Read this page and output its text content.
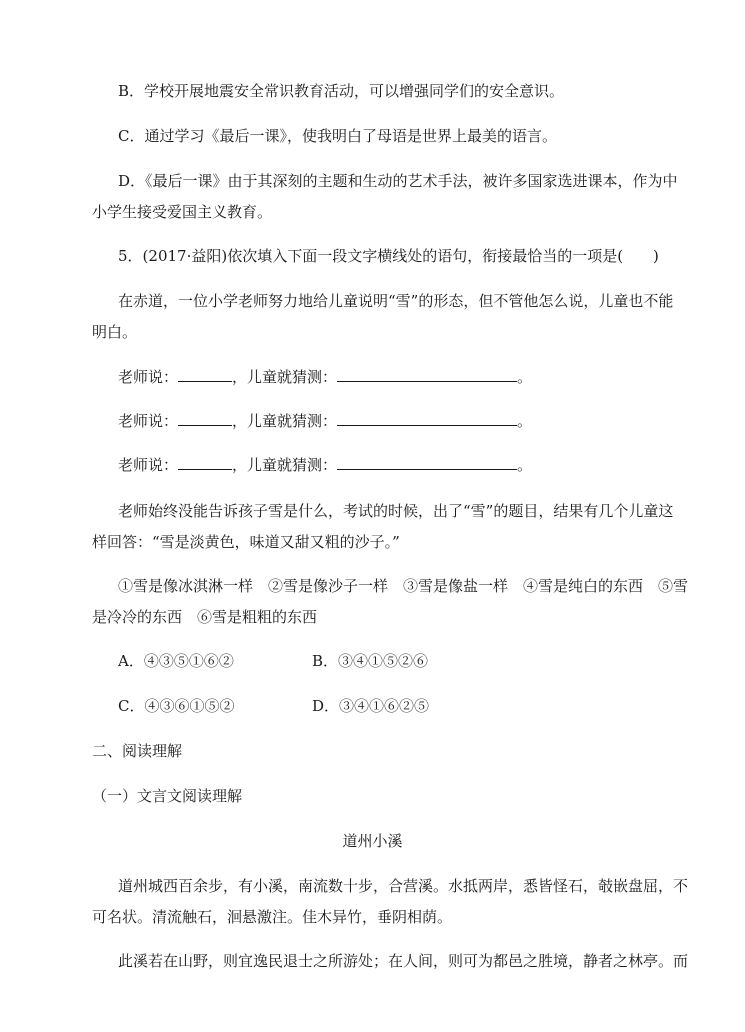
B．学校开展地震安全常识教育活动，可以增强同学们的安全意识。
C．通过学习《最后一课》，使我明白了母语是世界上最美的语言。
D．《最后一课》由于其深刻的主题和生动的艺术手法，被许多国家选进课本，作为中
小学生接受爱国主义教育。
5．(2017·益阳)依次填入下面一段文字横线处的语句，衔接最恰当的一项是(　　)
在赤道，一位小学老师努力地给儿童说明“雪”的形态，但不管他怎么说，儿童也不能
明白。
老师说：	，儿童就猜测：	。
老师说：	，儿童就猜测：	。
老师说：	，儿童就猜测：	。
老师始终没能告诉孩子雪是什么，考试的时候，出了“雪”的题目，结果有几个儿童这
样回答：“雪是淡黄色，味道又甜又粗的沙子。”
①雪是像冰淇淋一样　②雪是像沙子一样　③雪是像盐一样　④雪是纯白的东西　⑤雪
是冷冷的东西　⑥雪是粗粗的东西
A．④③⑤①⑥②	B．③④①⑤②⑥
C．④③⑥①⑤②	D．③④①⑥②⑤
二、阅读理解
（一）文言文阅读理解
道州小溪
道州城西百余步，有小溪，南流数十步，合营溪。水抵两岸，悉皆怪石，攲嵌盘屈，不
可名状。清流触石，洄悬激注。佳木异竹，垂阴相荫。
此溪若在山野，则宜逸民退士之所游处；在人间，则可为都邑之胜境，静者之林亭。而
